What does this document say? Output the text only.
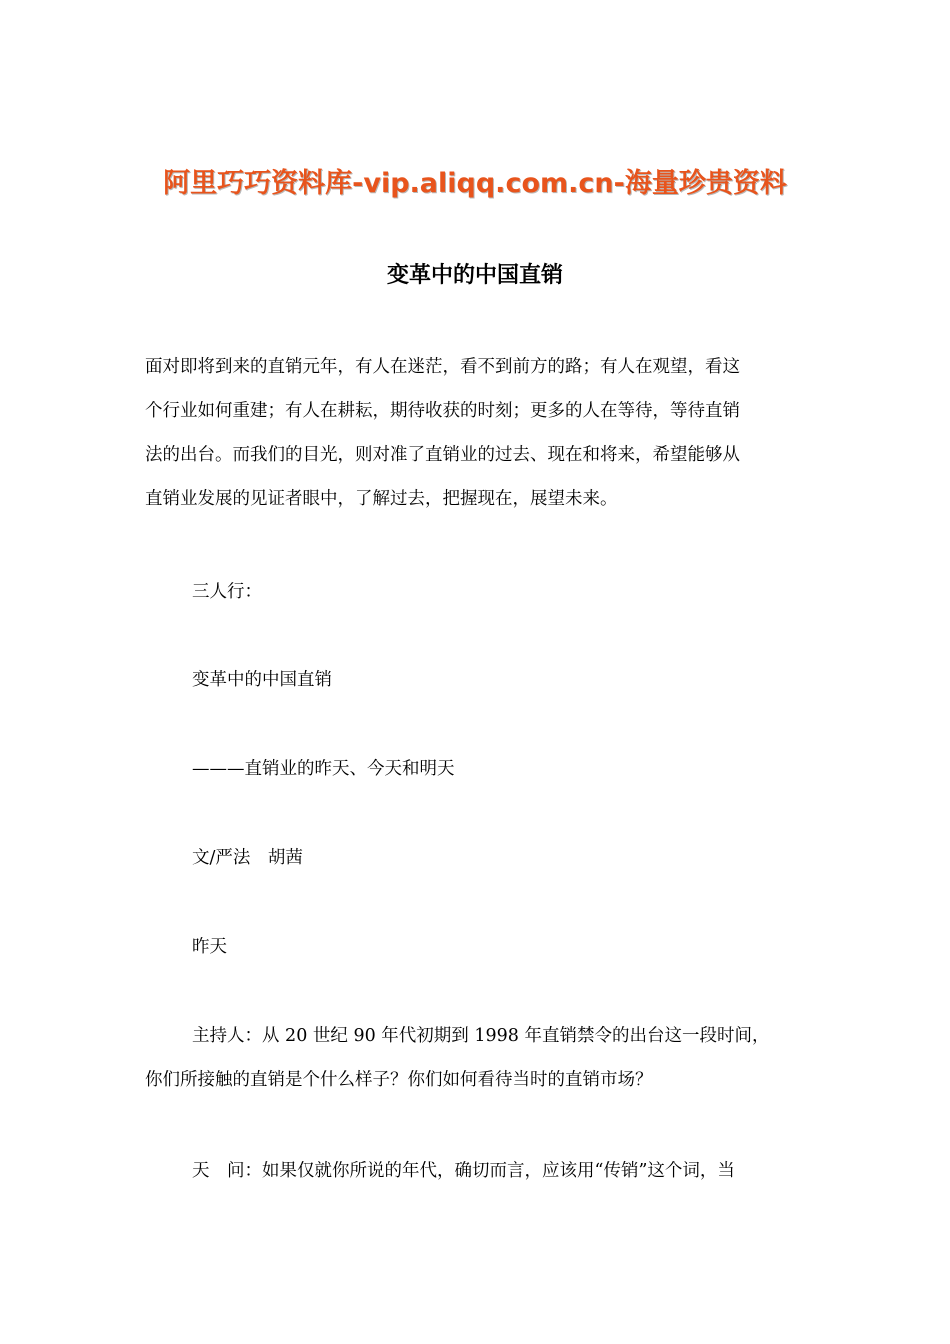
阿里巧巧资料库-vip.aliqq.com.cn-海量珍贵资料
变革中的中国直销
面对即将到来的直销元年，有人在迷茫，看不到前方的路；有人在观望，看这
个行业如何重建；有人在耕耘，期待收获的时刻；更多的人在等待，等待直销
法的出台。而我们的目光，则对准了直销业的过去、现在和将来，希望能够从
直销业发展的见证者眼中，了解过去，把握现在，展望未来。
三人行：
变革中的中国直销
———直销业的昨天、今天和明天
文/严法　胡茜
昨天
主持人：从 20 世纪 90 年代初期到 1998 年直销禁令的出台这一段时间，
你们所接触的直销是个什么样子？你们如何看待当时的直销市场？
天　问：如果仅就你所说的年代，确切而言，应该用“传销”这个词，当
